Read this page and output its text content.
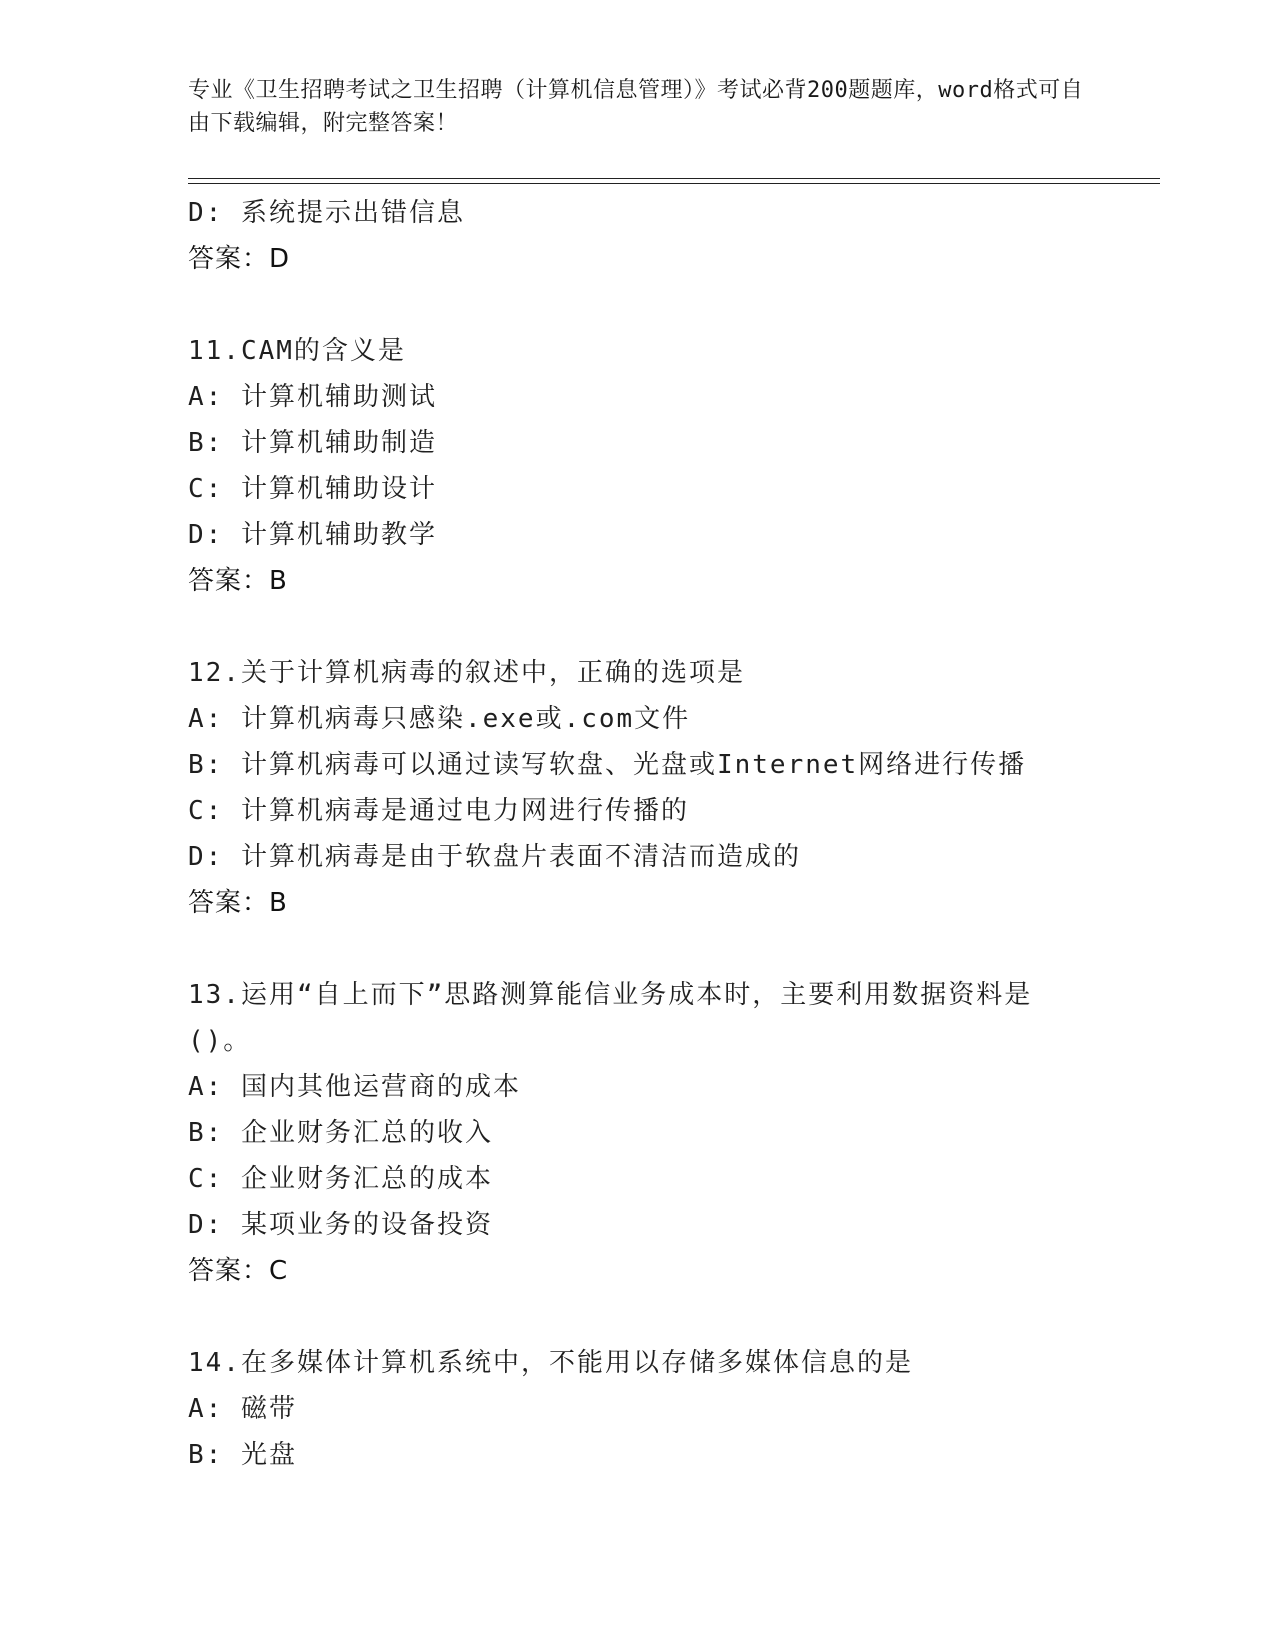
专业《卫生招聘考试之卫生招聘（计算机信息管理）》考试必背200题题库，word格式可自由下载编辑，附完整答案！
D: 系统提示出错信息
答案：D
11.CAM的含义是
A: 计算机辅助测试
B: 计算机辅助制造
C: 计算机辅助设计
D: 计算机辅助教学
答案：B
12.关于计算机病毒的叙述中，正确的选项是
A: 计算机病毒只感染.exe或.com文件
B: 计算机病毒可以通过读写软盘、光盘或Internet网络进行传播
C: 计算机病毒是通过电力网进行传播的
D: 计算机病毒是由于软盘片表面不清洁而造成的
答案：B
13.运用“自上而下”思路测算能信业务成本时，主要利用数据资料是()。
A: 国内其他运营商的成本
B: 企业财务汇总的收入
C: 企业财务汇总的成本
D: 某项业务的设备投资
答案：C
14.在多媒体计算机系统中，不能用以存储多媒体信息的是
A: 磁带
B: 光盘
